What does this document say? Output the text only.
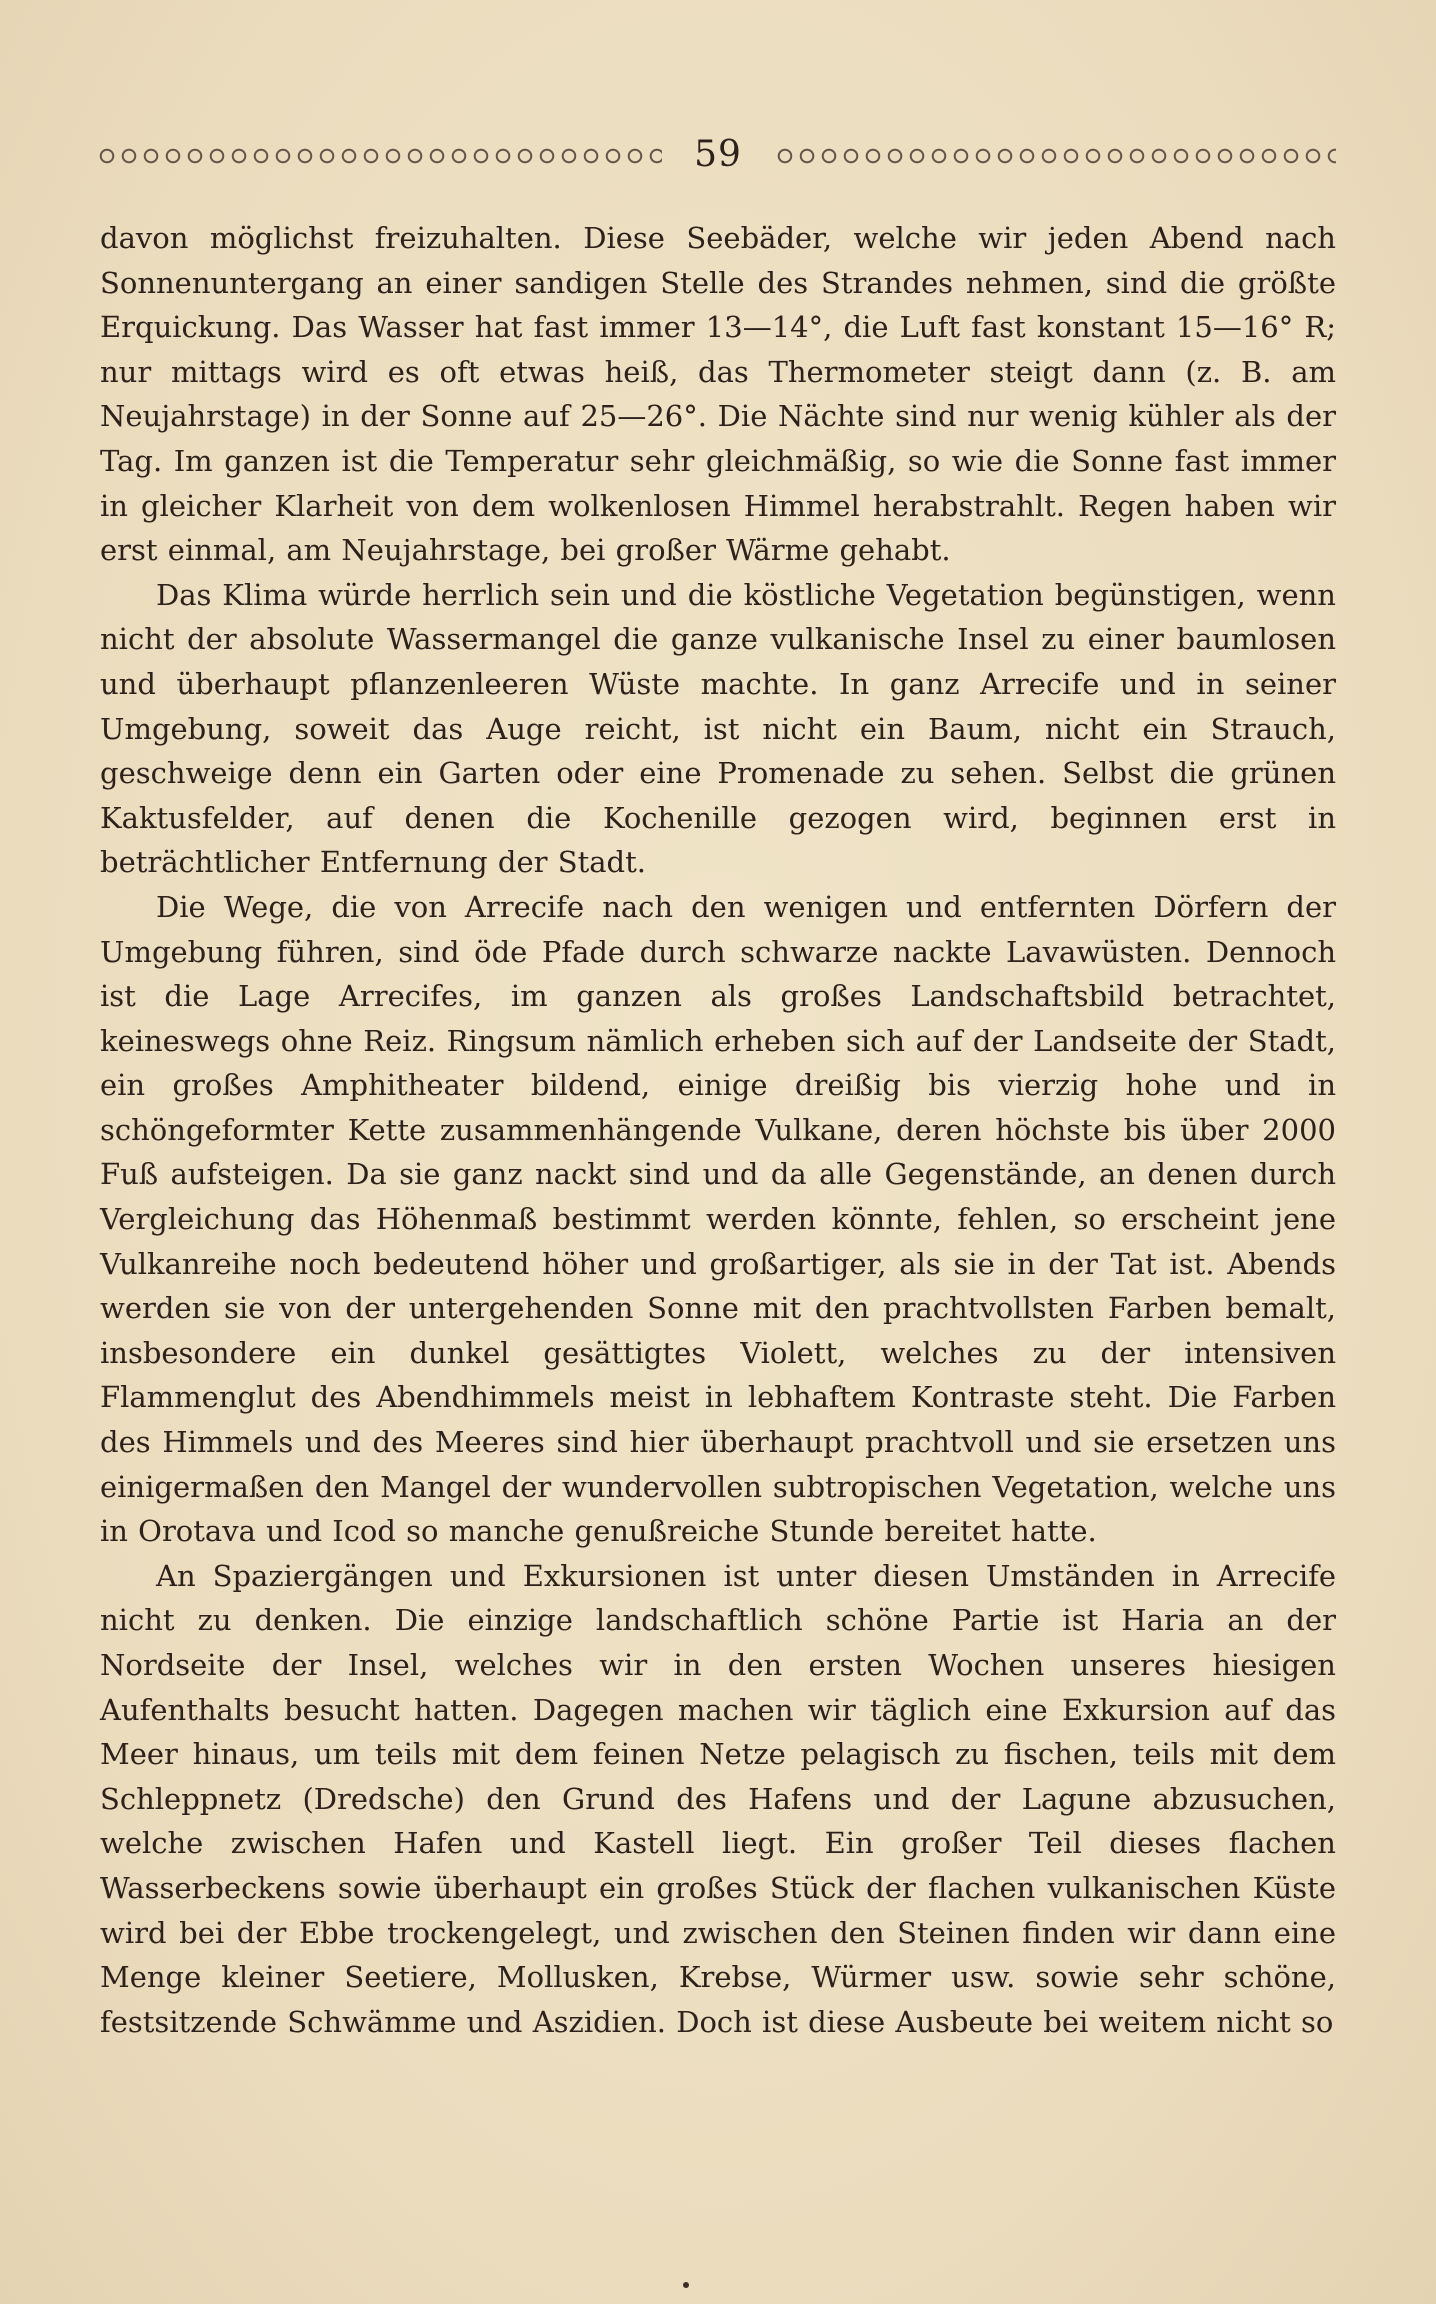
59

davon möglichst freizuhalten. Diese Seebäder, welche wir jeden Abend nach Sonnenuntergang an einer sandigen Stelle des Strandes nehmen, sind die größte Erquickung. Das Wasser hat fast immer 13—14°, die Luft fast konstant 15—16° R; nur mittags wird es oft etwas heiß, das Thermometer steigt dann (z. B. am Neujahrstage) in der Sonne auf 25—26°. Die Nächte sind nur wenig kühler als der Tag. Im ganzen ist die Temperatur sehr gleichmäßig, so wie die Sonne fast immer in gleicher Klarheit von dem wolkenlosen Himmel herabstrahlt. Regen haben wir erst einmal, am Neujahrstage, bei großer Wärme gehabt.

Das Klima würde herrlich sein und die köstliche Vegetation begünstigen, wenn nicht der absolute Wassermangel die ganze vulkanische Insel zu einer baumlosen und überhaupt pflanzenleeren Wüste machte. In ganz Arrecife und in seiner Umgebung, soweit das Auge reicht, ist nicht ein Baum, nicht ein Strauch, geschweige denn ein Garten oder eine Promenade zu sehen. Selbst die grünen Kaktusfelder, auf denen die Kochenille gezogen wird, beginnen erst in beträchtlicher Entfernung der Stadt.

Die Wege, die von Arrecife nach den wenigen und entfernten Dörfern der Umgebung führen, sind öde Pfade durch schwarze nackte Lavawüsten. Dennoch ist die Lage Arrecifes, im ganzen als großes Landschaftsbild betrachtet, keineswegs ohne Reiz. Ringsum nämlich erheben sich auf der Landseite der Stadt, ein großes Amphitheater bildend, einige dreißig bis vierzig hohe und in schöngeformter Kette zusammenhängende Vulkane, deren höchste bis über 2000 Fuß aufsteigen. Da sie ganz nackt sind und da alle Gegenstände, an denen durch Vergleichung das Höhenmaß bestimmt werden könnte, fehlen, so erscheint jene Vulkanreihe noch bedeutend höher und großartiger, als sie in der Tat ist. Abends werden sie von der untergehenden Sonne mit den prachtvollsten Farben bemalt, insbesondere ein dunkel gesättigtes Violett, welches zu der intensiven Flammenglut des Abendhimmels meist in lebhaftem Kontraste steht. Die Farben des Himmels und des Meeres sind hier überhaupt prachtvoll und sie ersetzen uns einigermaßen den Mangel der wundervollen subtropischen Vegetation, welche uns in Orotava und Icod so manche genußreiche Stunde bereitet hatte.

An Spaziergängen und Exkursionen ist unter diesen Umständen in Arrecife nicht zu denken. Die einzige landschaftlich schöne Partie ist Haria an der Nordseite der Insel, welches wir in den ersten Wochen unseres hiesigen Aufenthalts besucht hatten. Dagegen machen wir täglich eine Exkursion auf das Meer hinaus, um teils mit dem feinen Netze pelagisch zu fischen, teils mit dem Schleppnetz (Dredsche) den Grund des Hafens und der Lagune abzusuchen, welche zwischen Hafen und Kastell liegt. Ein großer Teil dieses flachen Wasserbeckens sowie überhaupt ein großes Stück der flachen vulkanischen Küste wird bei der Ebbe trockengelegt, und zwischen den Steinen finden wir dann eine Menge kleiner Seetiere, Mollusken, Krebse, Würmer usw. sowie sehr schöne, festsitzende Schwämme und Aszidien. Doch ist diese Ausbeute bei weitem nicht so
